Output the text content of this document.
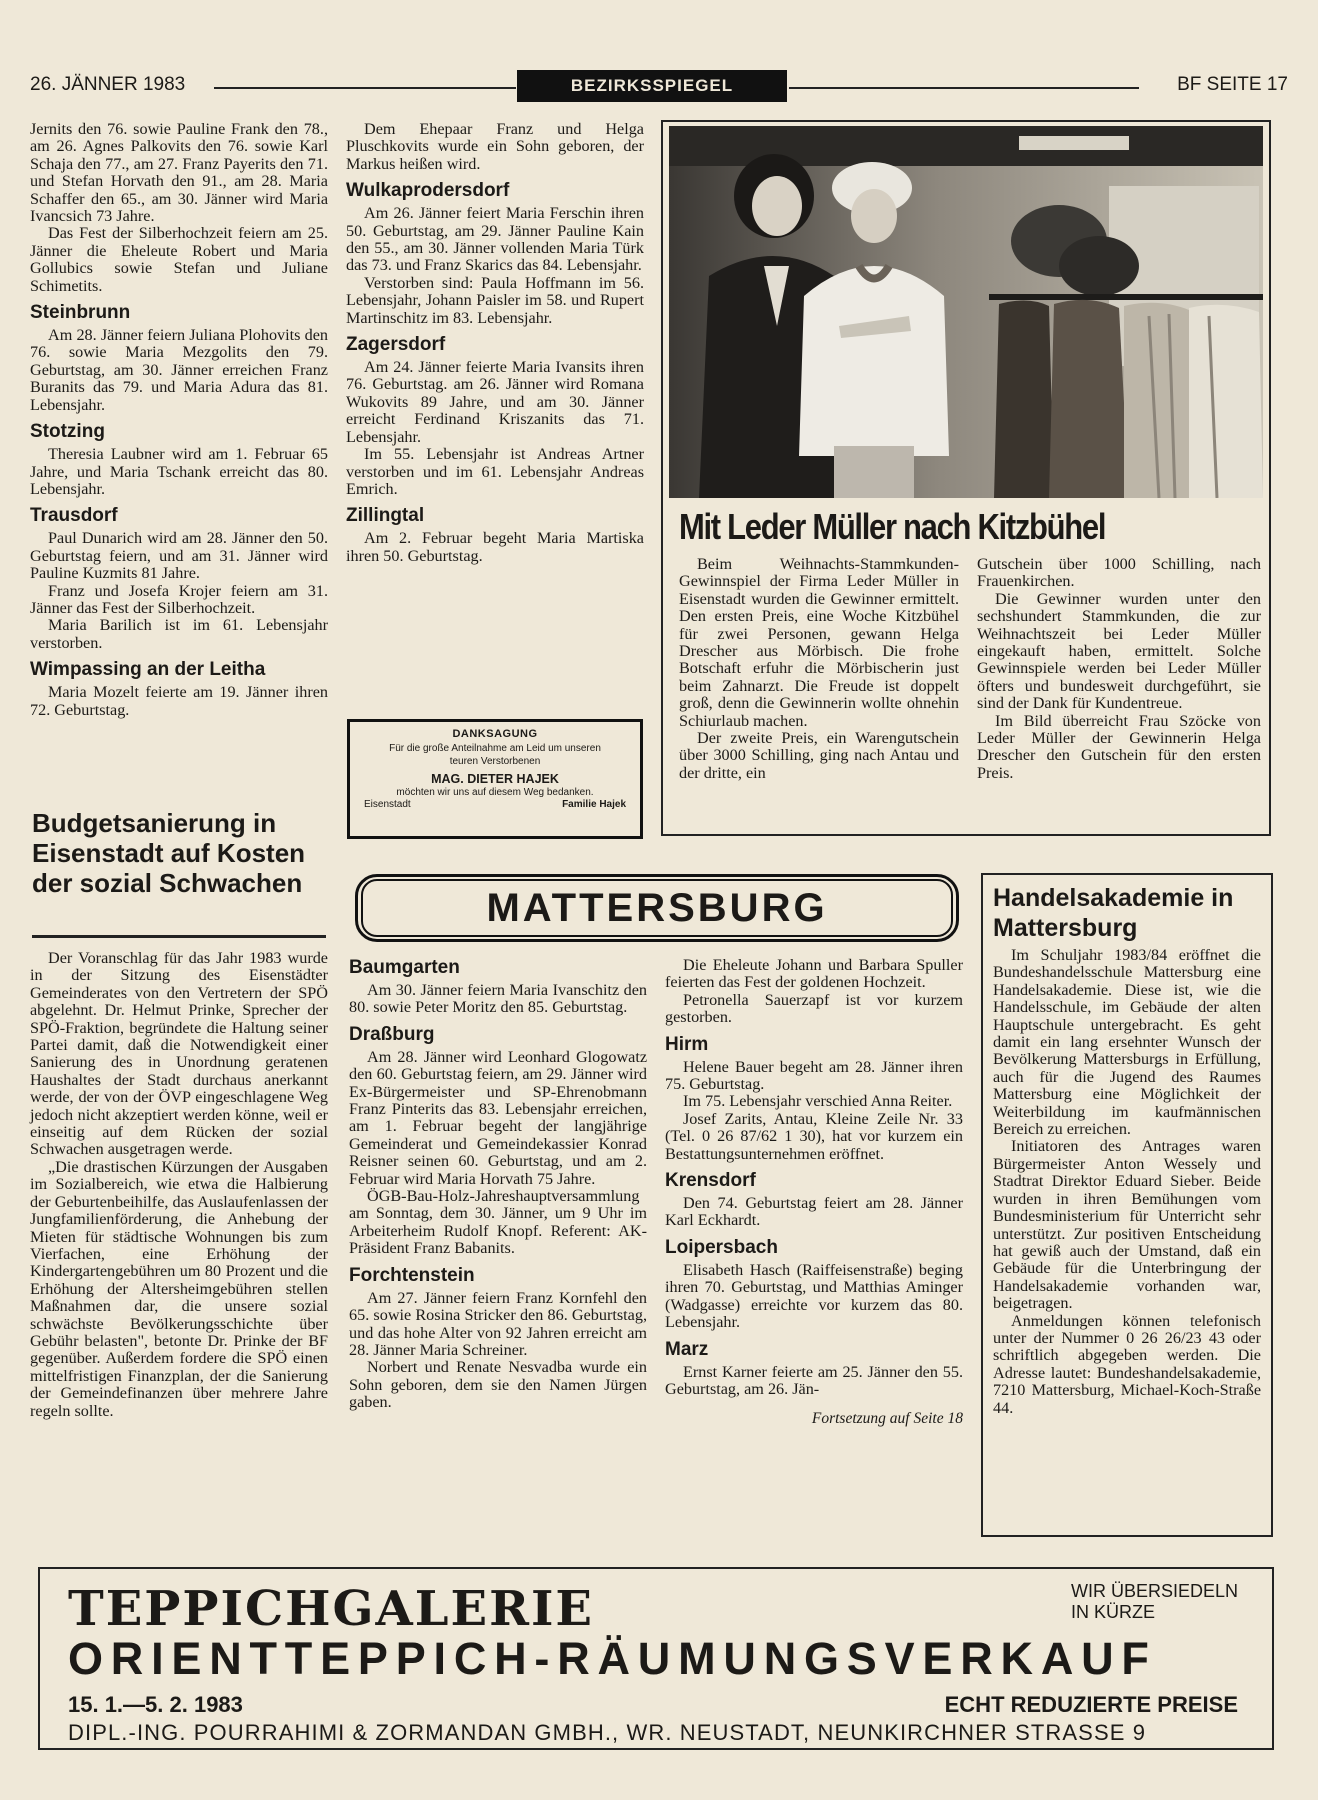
26. JÄNNER 1983	BEZIRKSSPIEGEL	BF SEITE 17

Jernits den 76. sowie Pauline Frank den 78., am 26. Agnes Palkovits den 76. sowie Karl Schaja den 77., am 27. Franz Payerits den 71. und Stefan Horvath den 91., am 28. Maria Schaffer den 65., am 30. Jänner wird Maria Ivancsich 73 Jahre.

Das Fest der Silberhochzeit feiern am 25. Jänner die Eheleute Robert und Maria Gollubics sowie Stefan und Juliane Schimetits.

Steinbrunn

Am 28. Jänner feiern Juliana Plohovits den 76. sowie Maria Mezgolits den 79. Geburtstag, am 30. Jänner erreichen Franz Buranits das 79. und Maria Adura das 81. Lebensjahr.

Stotzing

Theresia Laubner wird am 1. Februar 65 Jahre, und Maria Tschank erreicht das 80. Lebensjahr.

Trausdorf

Paul Dunarich wird am 28. Jänner den 50. Geburtstag feiern, und am 31. Jänner wird Pauline Kuzmits 81 Jahre.

Franz und Josefa Krojer feiern am 31. Jänner das Fest der Silberhochzeit.

Maria Barilich ist im 61. Lebensjahr verstorben.

Wimpassing an der Leitha

Maria Mozelt feierte am 19. Jänner ihren 72. Geburtstag.

Dem Ehepaar Franz und Helga Pluschkovits wurde ein Sohn geboren, der Markus heißen wird.

Wulkaprodersdorf

Am 26. Jänner feiert Maria Ferschin ihren 50. Geburtstag, am 29. Jänner Pauline Kain den 55., am 30. Jänner vollenden Maria Türk das 73. und Franz Skarics das 84. Lebensjahr.

Verstorben sind: Paula Hoffmann im 56. Lebensjahr, Johann Paisler im 58. und Rupert Martinschitz im 83. Lebensjahr.

Zagersdorf

Am 24. Jänner feierte Maria Ivansits ihren 76. Geburtstag. am 26. Jänner wird Romana Wukovits 89 Jahre, und am 30. Jänner erreicht Ferdinand Kriszanits das 71. Lebensjahr.

Im 55. Lebensjahr ist Andreas Artner verstorben und im 61. Lebensjahr Andreas Emrich.

Zillingtal

Am 2. Februar begeht Maria Martiska ihren 50. Geburtstag.

DANKSAGUNG
Für die große Anteilnahme am Leid um unseren
teuren Verstorbenen
MAG. DIETER HAJEK
möchten wir uns auf diesem Weg bedanken.
Eisenstadt	Familie Hajek
Mit Leder Müller nach Kitzbühel

Beim Weihnachts-Stammkunden-Gewinnspiel der Firma Leder Müller in Eisenstadt wurden die Gewinner ermittelt. Den ersten Preis, eine Woche Kitzbühel für zwei Personen, gewann Helga Drescher aus Mörbisch. Die frohe Botschaft erfuhr die Mörbischerin just beim Zahnarzt. Die Freude ist doppelt groß, denn die Gewinnerin wollte ohnehin Schiurlaub machen.

Der zweite Preis, ein Warengutschein über 3000 Schilling, ging nach Antau und der dritte, ein

Gutschein über 1000 Schilling, nach Frauenkirchen.

Die Gewinner wurden unter den sechshundert Stammkunden, die zur Weihnachtszeit bei Leder Müller eingekauft haben, ermittelt. Solche Gewinnspiele werden bei Leder Müller öfters und bundesweit durchgeführt, sie sind der Dank für Kundentreue.

Im Bild überreicht Frau Szöcke von Leder Müller der Gewinnerin Helga Drescher den Gutschein für den ersten Preis.

Budgetsanierung in Eisenstadt auf Kosten der sozial Schwachen

Der Voranschlag für das Jahr 1983 wurde in der Sitzung des Eisenstädter Gemeinderates von den Vertretern der SPÖ abgelehnt. Dr. Helmut Prinke, Sprecher der SPÖ-Fraktion, begründete die Haltung seiner Partei damit, daß die Notwendigkeit einer Sanierung des in Unordnung geratenen Haushaltes der Stadt durchaus anerkannt werde, der von der ÖVP eingeschlagene Weg jedoch nicht akzeptiert werden könne, weil er einseitig auf dem Rücken der sozial Schwachen ausgetragen werde.

„Die drastischen Kürzungen der Ausgaben im Sozialbereich, wie etwa die Halbierung der Geburtenbeihilfe, das Auslaufenlassen der Jungfamilienförderung, die Anhebung der Mieten für städtische Wohnungen bis zum Vierfachen, eine Erhöhung der Kindergartengebühren um 80 Prozent und die Erhöhung der Altersheimgebühren stellen Maßnahmen dar, die unsere sozial schwächste Bevölkerungsschichte über Gebühr belasten", betonte Dr. Prinke der BF gegenüber. Außerdem fordere die SPÖ einen mittelfristigen Finanzplan, der die Sanierung der Gemeindefinanzen über mehrere Jahre regeln sollte.

MATTERSBURG
Baumgarten

Am 30. Jänner feiern Maria Ivanschitz den 80. sowie Peter Moritz den 85. Geburtstag.

Draßburg

Am 28. Jänner wird Leonhard Glogowatz den 60. Geburtstag feiern, am 29. Jänner wird Ex-Bürgermeister und SP-Ehrenobmann Franz Pinterits das 83. Lebensjahr erreichen, am 1. Februar begeht der langjährige Gemeinderat und Gemeindekassier Konrad Reisner seinen 60. Geburtstag, und am 2. Februar wird Maria Horvath 75 Jahre.

ÖGB-Bau-Holz-Jahreshauptversammlung am Sonntag, dem 30. Jänner, um 9 Uhr im Arbeiterheim Rudolf Knopf. Referent: AK-Präsident Franz Babanits.

Forchtenstein

Am 27. Jänner feiern Franz Kornfehl den 65. sowie Rosina Stricker den 86. Geburtstag, und das hohe Alter von 92 Jahren erreicht am 28. Jänner Maria Schreiner.

Norbert und Renate Nesvadba wurde ein Sohn geboren, dem sie den Namen Jürgen gaben.

Die Eheleute Johann und Barbara Spuller feierten das Fest der goldenen Hochzeit.

Petronella Sauerzapf ist vor kurzem gestorben.

Hirm

Helene Bauer begeht am 28. Jänner ihren 75. Geburtstag.

Im 75. Lebensjahr verschied Anna Reiter.

Josef Zarits, Antau, Kleine Zeile Nr. 33 (Tel. 0 26 87/62 1 30), hat vor kurzem ein Bestattungsunternehmen eröffnet.

Krensdorf

Den 74. Geburtstag feiert am 28. Jänner Karl Eckhardt.

Loipersbach

Elisabeth Hasch (Raiffeisenstraße) beging ihren 70. Geburtstag, und Matthias Aminger (Wadgasse) erreichte vor kurzem das 80. Lebensjahr.

Marz

Ernst Karner feierte am 25. Jänner den 55. Geburtstag, am 26. Jän-

Fortsetzung auf Seite 18
Handelsakademie in Mattersburg

Im Schuljahr 1983/84 eröffnet die Bundeshandelsschule Mattersburg eine Handelsakademie. Diese ist, wie die Handelsschule, im Gebäude der alten Hauptschule untergebracht. Es geht damit ein lang ersehnter Wunsch der Bevölkerung Mattersburgs in Erfüllung, auch für die Jugend des Raumes Mattersburg eine Möglichkeit der Weiterbildung im kaufmännischen Bereich zu erreichen.

Initiatoren des Antrages waren Bürgermeister Anton Wessely und Stadtrat Direktor Eduard Sieber. Beide wurden in ihren Bemühungen vom Bundesministerium für Unterricht sehr unterstützt. Zur positiven Entscheidung hat gewiß auch der Umstand, daß ein Gebäude für die Unterbringung der Handelsakademie vorhanden war, beigetragen.

Anmeldungen können telefonisch unter der Nummer 0 26 26/23 43 oder schriftlich abgegeben werden. Die Adresse lautet: Bundeshandelsakademie, 7210 Mattersburg, Michael-Koch-Straße 44.

TEPPICHGALERIE	WIR ÜBERSIEDELN
IN KÜRZE
ORIENTTEPPICH-RÄUMUNGSVERKAUF
15. 1.—5. 2. 1983	ECHT REDUZIERTE PREISE
DIPL.-ING. POURRAHIMI & ZORMANDAN GMBH., WR. NEUSTADT, NEUNKIRCHNER STRASSE 9
